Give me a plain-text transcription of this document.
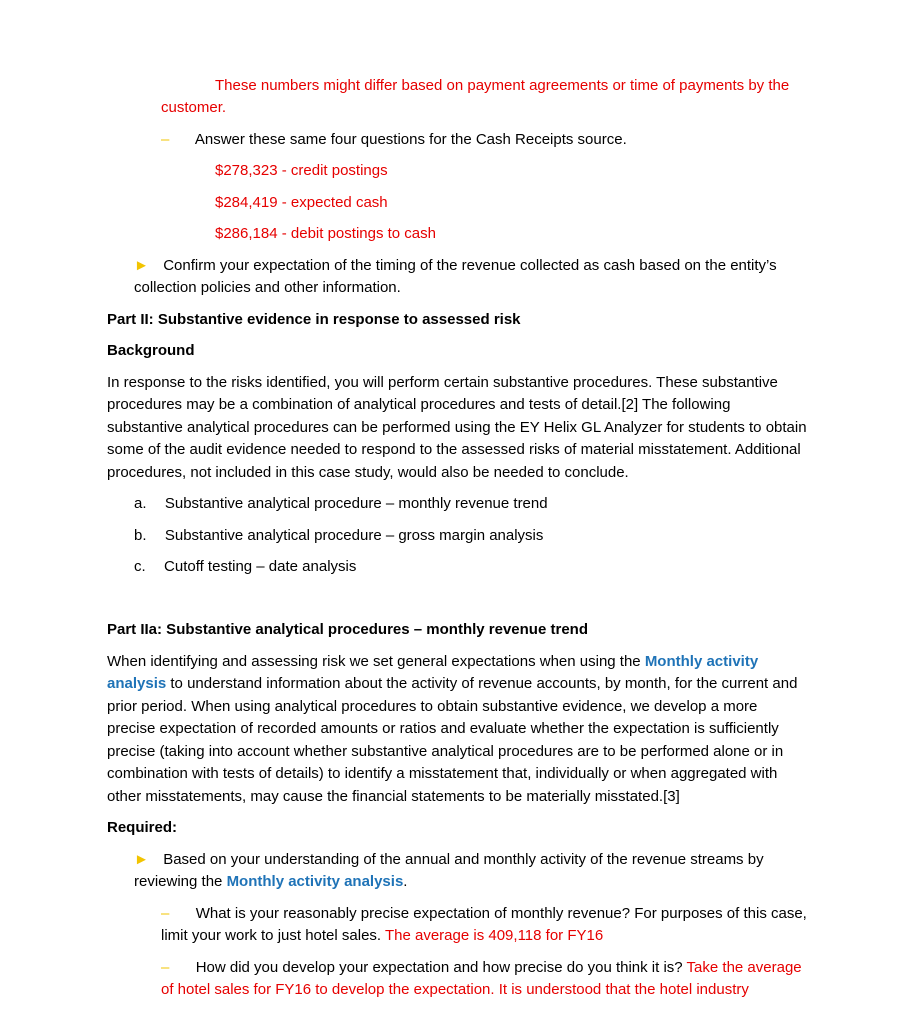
These numbers might differ based on payment agreements or time of payments by the
customer.
– Answer these same four questions for the Cash Receipts source.
$278,323 - credit postings
$284,419 - expected cash
$286,184 - debit postings to cash
► Confirm your expectation of the timing of the revenue collected as cash based on the entity’s
collection policies and other information.
Part II: Substantive evidence in response to assessed risk
Background
In response to the risks identified, you will perform certain substantive procedures. These substantive
procedures may be a combination of analytical procedures and tests of detail.[2] The following
substantive analytical procedures can be performed using the EY Helix GL Analyzer for students to obtain
some of the audit evidence needed to respond to the assessed risks of material misstatement. Additional
procedures, not included in this case study, would also be needed to conclude.
a. Substantive analytical procedure – monthly revenue trend
b. Substantive analytical procedure – gross margin analysis
c. Cutoff testing – date analysis
Part IIa: Substantive analytical procedures – monthly revenue trend
When identifying and assessing risk we set general expectations when using the Monthly activity
analysis to understand information about the activity of revenue accounts, by month, for the current and
prior period. When using analytical procedures to obtain substantive evidence, we develop a more
precise expectation of recorded amounts or ratios and evaluate whether the expectation is sufficiently
precise (taking into account whether substantive analytical procedures are to be performed alone or in
combination with tests of details) to identify a misstatement that, individually or when aggregated with
other misstatements, may cause the financial statements to be materially misstated.[3]
Required:
► Based on your understanding of the annual and monthly activity of the revenue streams by
reviewing the Monthly activity analysis.
– What is your reasonably precise expectation of monthly revenue? For purposes of this case,
limit your work to just hotel sales. The average is 409,118 for FY16
– How did you develop your expectation and how precise do you think it is? Take the average
of hotel sales for FY16 to develop the expectation. It is understood that the hotel industry
